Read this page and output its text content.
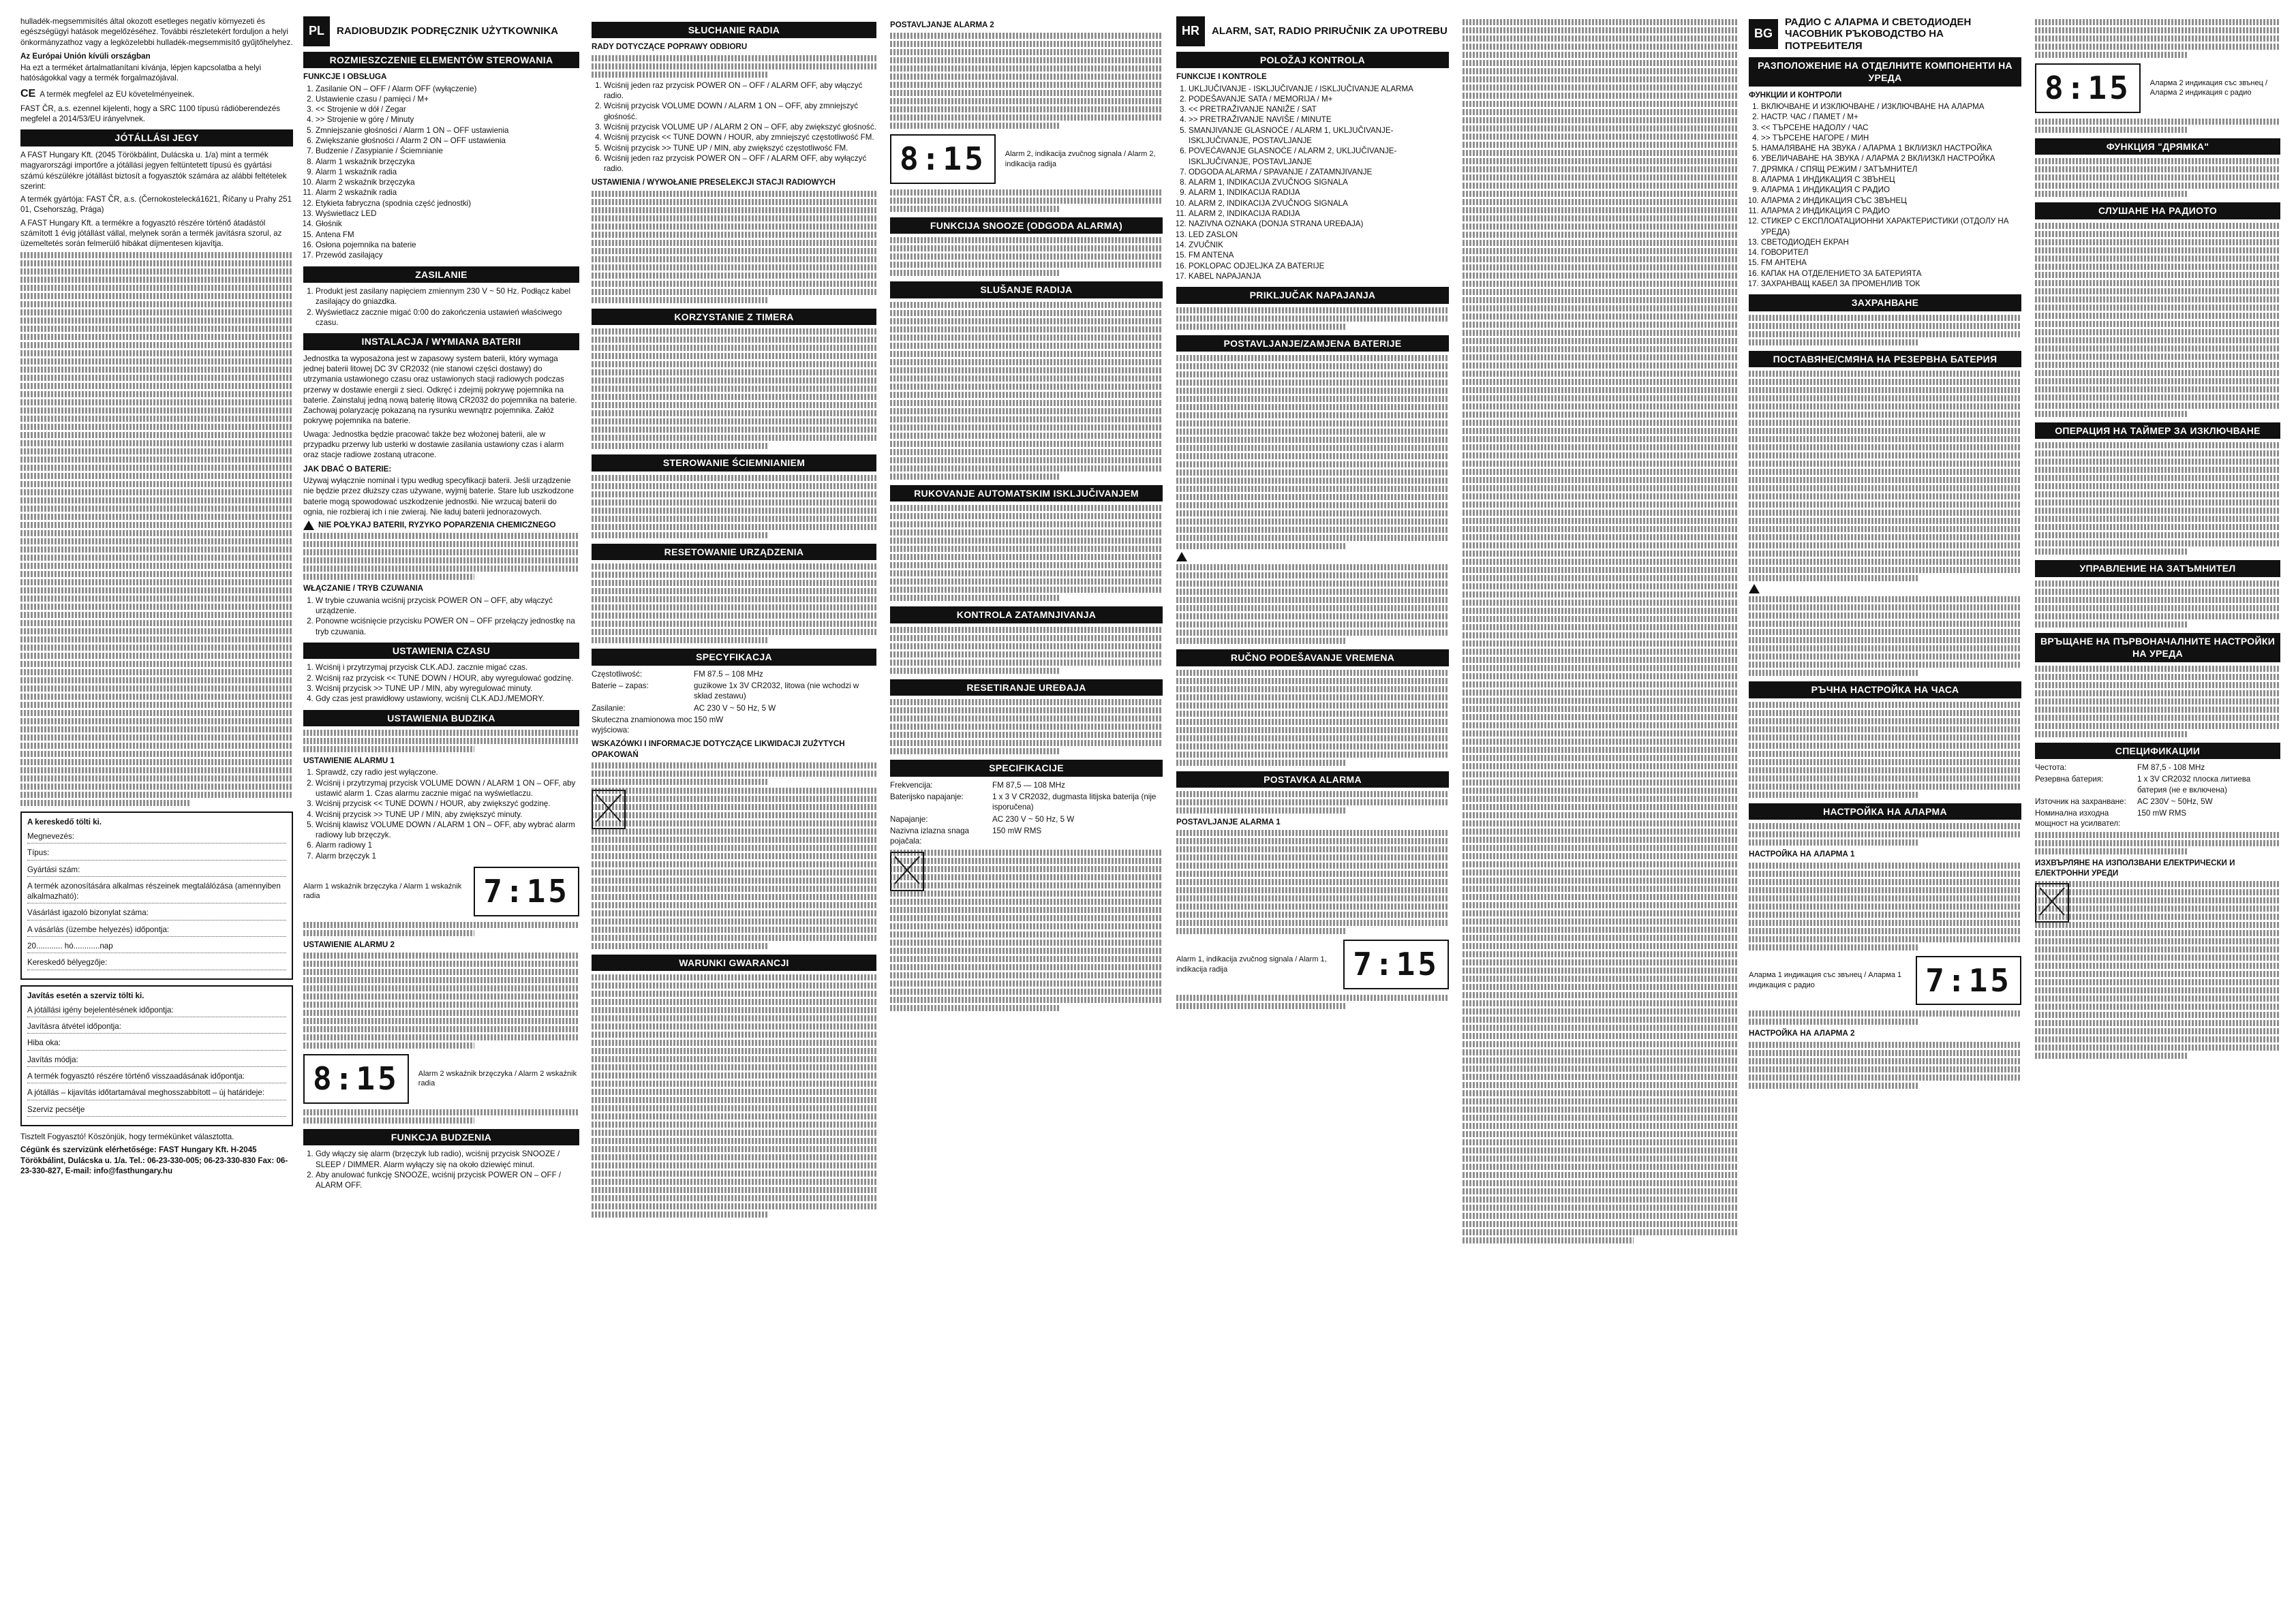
hulladék-megsemmisítés által okozott esetleges negatív környezeti és egészségügyi hatások megelőzéséhez. További részletekért forduljon a helyi önkormányzathoz vagy a legközelebbi hulladék-megsemmisítő gyűjtőhelyhez.

Az Európai Unión kívüli országban

Ha ezt a terméket ártalmatlanítani kívánja, lépjen kapcsolatba a helyi hatóságokkal vagy a termék forgalmazójával.

CE A termék megfelel az EU követelményeinek.

FAST ČR, a.s. ezennel kijelenti, hogy a SRC 1100 típusú rádióberendezés megfelel a 2014/53/EU irányelvnek.

JÓTÁLLÁSI JEGY

A FAST Hungary Kft. (2045 Törökbálint, Dulácska u. 1/a) mint a termék magyarországi importőre a jótállási jegyen feltüntetett típusú és gyártási számú készülékre jótállást biztosít a fogyasztók számára az alábbi feltételek szerint:

A termék gyártója: FAST ČR, a.s. (Černokostelecká1621, Říčany u Prahy 251 01, Csehország, Prága)

A FAST Hungary Kft. a termékre a fogyasztó részére történő átadástól számított 1 évig jótállást vállal, melynek során a termék javításra szorul, az üzemeltetés során felmerülő hibákat díjmentesen kijavítja.

A kereskedő tölti ki.
Megnevezés:
Típus:
Gyártási szám:
A termék azonosítására alkalmas részeinek megtalálózása (amennyiben alkalmazható):
Vásárlást igazoló bizonylat száma:
A vásárlás (üzembe helyezés) időpontja:
20............ hó............nap
Kereskedő bélyegzője:
Javítás esetén a szerviz tölti ki.
A jótállási igény bejelentésének időpontja:
Javításra átvétel időpontja:
Hiba oka:
Javítás módja:
A termék fogyasztó részére történő visszaadásának időpontja:
A jótállás – kijavítás időtartamával meghosszabbított – új határideje:
Szerviz pecsétje

Tisztelt Fogyasztó! Köszönjük, hogy termékünket választotta.

Cégünk és szervizünk elérhetősége: FAST Hungary Kft. H-2045 Törökbálint, Dulácska u. 1/a. Tel.: 06-23-330-005; 06-23-330-830 Fax: 06-23-330-827, E-mail: info@fasthungary.hu

PL	RADIOBUDZIK PODRĘCZNIK UŻYTKOWNIKA
ROZMIESZCZENIE ELEMENTÓW STEROWANIA
FUNKCJE I OBSŁUGA
1. Zasilanie ON – OFF / Alarm OFF (wyłączenie)
2. Ustawienie czasu / pamięci / M+
3. << Strojenie w dół / Zegar
4. >> Strojenie w górę / Minuty
5. Zmniejszanie głośności / Alarm 1 ON – OFF ustawienia
6. Zwiększanie głośności / Alarm 2 ON – OFF ustawienia
7. Budzenie / Zasypianie / Ściemnianie
8. Alarm 1 wskaźnik brzęczyka
9. Alarm 1 wskaźnik radia
10. Alarm 2 wskaźnik brzęczyka
11. Alarm 2 wskaźnik radia
12. Etykieta fabryczna (spodnia część jednostki)
13. Wyświetlacz LED
14. Głośnik
15. Antena FM
16. Osłona pojemnika na baterie
17. Przewód zasilający
ZASILANIE
1. Produkt jest zasilany napięciem zmiennym 230 V ~ 50 Hz. Podłącz kabel zasilający do gniazdka.
2. Wyświetlacz zacznie migać 0:00 do zakończenia ustawień właściwego czasu.
INSTALACJA / WYMIANA BATERII

Jednostka ta wyposażona jest w zapasowy system baterii, który wymaga jednej baterii litowej DC 3V CR2032 (nie stanowi części dostawy) do utrzymania ustawionego czasu oraz ustawionych stacji radiowych podczas przerwy w dostawie energii z sieci. Odkręć i zdejmij pokrywę pojemnika na baterie. Zainstaluj jedną nową baterię litową CR2032 do pojemnika na baterie. Zachowaj polaryzację pokazaną na rysunku wewnątrz pojemnika. Załóż pokrywę pojemnika na baterie.

Uwaga: Jednostka będzie pracować także bez włożonej baterii, ale w przypadku przerwy lub usterki w dostawie zasilania ustawiony czas i alarm oraz stacje radiowe zostaną utracone.

JAK DBAĆ O BATERIE:

Używaj wyłącznie nominał i typu według specyfikacji baterii. Jeśli urządzenie nie będzie przez dłuższy czas używane, wyjmij baterie. Stare lub uszkodzone baterie mogą spowodować uszkodzenie jednostki. Nie wrzucaj baterii do ognia, nie rozbieraj ich i nie zwieraj. Nie ładuj baterii jednorazowych.

NIE POŁYKAJ BATERII, RYZYKO POPARZENIA CHEMICZNEGO
WŁĄCZANIE / TRYB CZUWANIA
1. W trybie czuwania wciśnij przycisk POWER ON – OFF, aby włączyć urządzenie.
2. Ponowne wciśnięcie przycisku POWER ON – OFF przełączy jednostkę na tryb czuwania.
USTAWIENIA CZASU
1. Wciśnij i przytrzymaj przycisk CLK.ADJ. zacznie migać czas.
2. Wciśnij raz przycisk << TUNE DOWN / HOUR, aby wyregulować godzinę.
3. Wciśnij przycisk >> TUNE UP / MIN, aby wyregulować minuty.
4. Gdy czas jest prawidłowy ustawiony, wciśnij CLK.ADJ./MEMORY.
USTAWIENIA BUDZIKA
USTAWIENIE ALARMU 1
1. Sprawdź, czy radio jest wyłączone.
2. Wciśnij i przytrzymaj przycisk VOLUME DOWN / ALARM 1 ON – OFF, aby ustawić alarm 1. Czas alarmu zacznie migać na wyświetlaczu.
3. Wciśnij przycisk << TUNE DOWN / HOUR, aby zwiększyć godzinę.
4. Wciśnij przycisk >> TUNE UP / MIN, aby zwiększyć minuty.
5. Wciśnij klawisz VOLUME DOWN / ALARM 1 ON – OFF, aby wybrać alarm radiowy lub brzęczyk.
6. Alarm radiowy 1
7. Alarm brzęczyk 1
Alarm 1 wskaźnik brzęczyka / Alarm 1 wskaźnik radia	7:15
USTAWIENIE ALARMU 2
8:15	Alarm 2 wskaźnik brzęczyka / Alarm 2 wskaźnik radia
FUNKCJA BUDZENIA
1. Gdy włączy się alarm (brzęczyk lub radio), wciśnij przycisk SNOOZE / SLEEP / DIMMER. Alarm wyłączy się na około dziewięć minut.
2. Aby anulować funkcję SNOOZE, wciśnij przycisk POWER ON – OFF / ALARM OFF.
SŁUCHANIE RADIA
RADY DOTYCZĄCE POPRAWY ODBIORU
1. Wciśnij jeden raz przycisk POWER ON – OFF / ALARM OFF, aby włączyć radio.
2. Wciśnij przycisk VOLUME DOWN / ALARM 1 ON – OFF, aby zmniejszyć głośność.
3. Wciśnij przycisk VOLUME UP / ALARM 2 ON – OFF, aby zwiększyć głośność.
4. Wciśnij przycisk << TUNE DOWN / HOUR, aby zmniejszyć częstotliwość FM.
5. Wciśnij przycisk >> TUNE UP / MIN, aby zwiększyć częstotliwość FM.
6. Wciśnij jeden raz przycisk POWER ON – OFF / ALARM OFF, aby wyłączyć radio.
USTAWIENIA / WYWOŁANIE PRESELEKCJI STACJI RADIOWYCH
KORZYSTANIE Z TIMERA
STEROWANIE ŚCIEMNIANIEM
RESETOWANIE URZĄDZENIA
SPECYFIKACJA
Częstotliwość:	FM 87.5 – 108 MHz
Baterie – zapas:	guzikowe 1x 3V CR2032, litowa (nie wchodzi w skład zestawu)
Zasilanie:	AC 230 V ~ 50 Hz, 5 W
Skuteczna znamionowa moc wyjściowa:
150 mW
WSKAZÓWKI I INFORMACJE DOTYCZĄCE LIKWIDACJI ZUŻYTYCH OPAKOWAŃ
WARUNKI GWARANCJI
POSTAVLJANJE ALARMA 2
8:15	Alarm 2, indikacija zvučnog signala / Alarm 2, indikacija radija
FUNKCIJA SNOOZE (ODGODA ALARMA)
SLUŠANJE RADIJA
RUKOVANJE AUTOMATSKIM ISKLJUČIVANJEM
KONTROLA ZATAMNJIVANJA
RESETIRANJE UREĐAJA
SPECIFIKACIJE
Frekvencija:	FM 87,5 — 108 MHz
Baterijsko napajanje:	1 x 3 V CR2032, dugmasta litijska baterija (nije isporučena)
Napajanje:	AC 230 V ~ 50 Hz, 5 W
Nazivna izlazna snaga pojačala:
150 mW RMS
HR	ALARM, SAT, RADIO PRIRUČNIK ZA UPOTREBU
POLOŽAJ KONTROLA
FUNKCIJE I KONTROLE
1. UKLJUČIVANJE - ISKLJUČIVANJE / ISKLJUČIVANJE ALARMA
2. PODEŠAVANJE SATA / MEMORIJA / M+
3. << PRETRAŽIVANJE NANIŽE / SAT
4. >> PRETRAŽIVANJE NAVIŠE / MINUTE
5. SMANJIVANJE GLASNOĆE / ALARM 1, UKLJUČIVANJE-ISKLJUČIVANJE, POSTAVLJANJE
6. POVEĆAVANJE GLASNOĆE / ALARM 2, UKLJUČIVANJE-ISKLJUČIVANJE, POSTAVLJANJE
7. ODGODA ALARMA / SPAVANJE / ZATAMNJIVANJE
8. ALARM 1, INDIKACIJA ZVUČNOG SIGNALA
9. ALARM 1, INDIKACIJA RADIJA
10. ALARM 2, INDIKACIJA ZVUČNOG SIGNALA
11. ALARM 2, INDIKACIJA RADIJA
12. NAZIVNA OZNAKA (DONJA STRANA UREĐAJA)
13. LED ZASLON
14. ZVUČNIK
15. FM ANTENA
16. POKLOPAC ODJELJKA ZA BATERIJE
17. KABEL NAPAJANJA
PRIKLJUČAK NAPAJANJA
POSTAVLJANJE/ZAMJENA BATERIJE
RUČNO PODEŠAVANJE VREMENA
POSTAVKA ALARMA
POSTAVLJANJE ALARMA 1
Alarm 1, indikacija zvučnog signala / Alarm 1, indikacija radija	7:15
BG
РАДИО С АЛАРМА И СВЕТОДИОДЕН ЧАСОВНИК РЪКОВОДСТВО НА ПОТРЕБИТЕЛЯ
РАЗПОЛОЖЕНИЕ НА ОТДЕЛНИТЕ КОМПОНЕНТИ НА УРЕДА
ФУНКЦИИ И КОНТРОЛИ
1. ВКЛЮЧВАНЕ И ИЗКЛЮЧВАНЕ / ИЗКЛЮЧВАНЕ НА АЛАРМА
2. НАСТР. ЧАС / ПАМЕТ / М+
3. << ТЪРСЕНЕ НАДОЛУ / ЧАС
4. >> ТЪРСЕНЕ НАГОРЕ / МИН
5. НАМАЛЯВАНЕ НА ЗВУКА / АЛАРМА 1 ВКЛ/ИЗКЛ НАСТРОЙКА
6. УВЕЛИЧАВАНЕ НА ЗВУКА / АЛАРМА 2 ВКЛ/ИЗКЛ НАСТРОЙКА
7. ДРЯМКА / СПЯЩ РЕЖИМ / ЗАТЪМНИТЕЛ
8. АЛАРМА 1 ИНДИКАЦИЯ С ЗВЪНЕЦ
9. АЛАРМА 1 ИНДИКАЦИЯ С РАДИО
10. АЛАРМА 2 ИНДИКАЦИЯ СЪС ЗВЪНЕЦ
11. АЛАРМА 2 ИНДИКАЦИЯ С РАДИО
12. СТИКЕР С ЕКСПЛОАТАЦИОННИ ХАРАКТЕРИСТИКИ (ОТДОЛУ НА УРЕДА)
13. СВЕТОДИОДЕН ЕКРАН
14. ГОВОРИТЕЛ
15. FM АНТЕНА
16. КАПАК НА ОТДЕЛЕНИЕТО ЗА БАТЕРИЯТА
17. ЗАХРАНВАЩ КАБЕЛ ЗА ПРОМЕНЛИВ ТОК
ЗАХРАНВАНЕ
ПОСТАВЯНЕ/СМЯНА НА РЕЗЕРВНА БАТЕРИЯ
РЪЧНА НАСТРОЙКА НА ЧАСА
НАСТРОЙКА НА АЛАРМА
НАСТРОЙКА НА АЛАРМА 1
Аларма 1 индикация със звънец / Аларма 1 индикация с радио	7:15
НАСТРОЙКА НА АЛАРМА 2
8:15	Аларма 2 индикация със звънец / Аларма 2 индикация с радио
ФУНКЦИЯ "ДРЯМКА"
СЛУШАНЕ НА РАДИОТО
ОПЕРАЦИЯ НА ТАЙМЕР ЗА ИЗКЛЮЧВАНЕ
УПРАВЛЕНИЕ НА ЗАТЪМНИТЕЛ
ВРЪЩАНЕ НА ПЪРВОНАЧАЛНИТЕ НАСТРОЙКИ НА УРЕДА
СПЕЦИФИКАЦИИ
Честота:	FM 87,5 - 108 MHz
Резервна батерия:	1 x 3V CR2032 плоска литиева батерия (не е включена)
Източник на захранване:	AC 230V ~ 50Hz, 5W
Номинална изходна мощност на усилвател:
150 mW RMS
ИЗХВЪРЛЯНЕ НА ИЗПОЛЗВАНИ ЕЛЕКТРИЧЕСКИ И ЕЛЕКТРОННИ УРЕДИ
